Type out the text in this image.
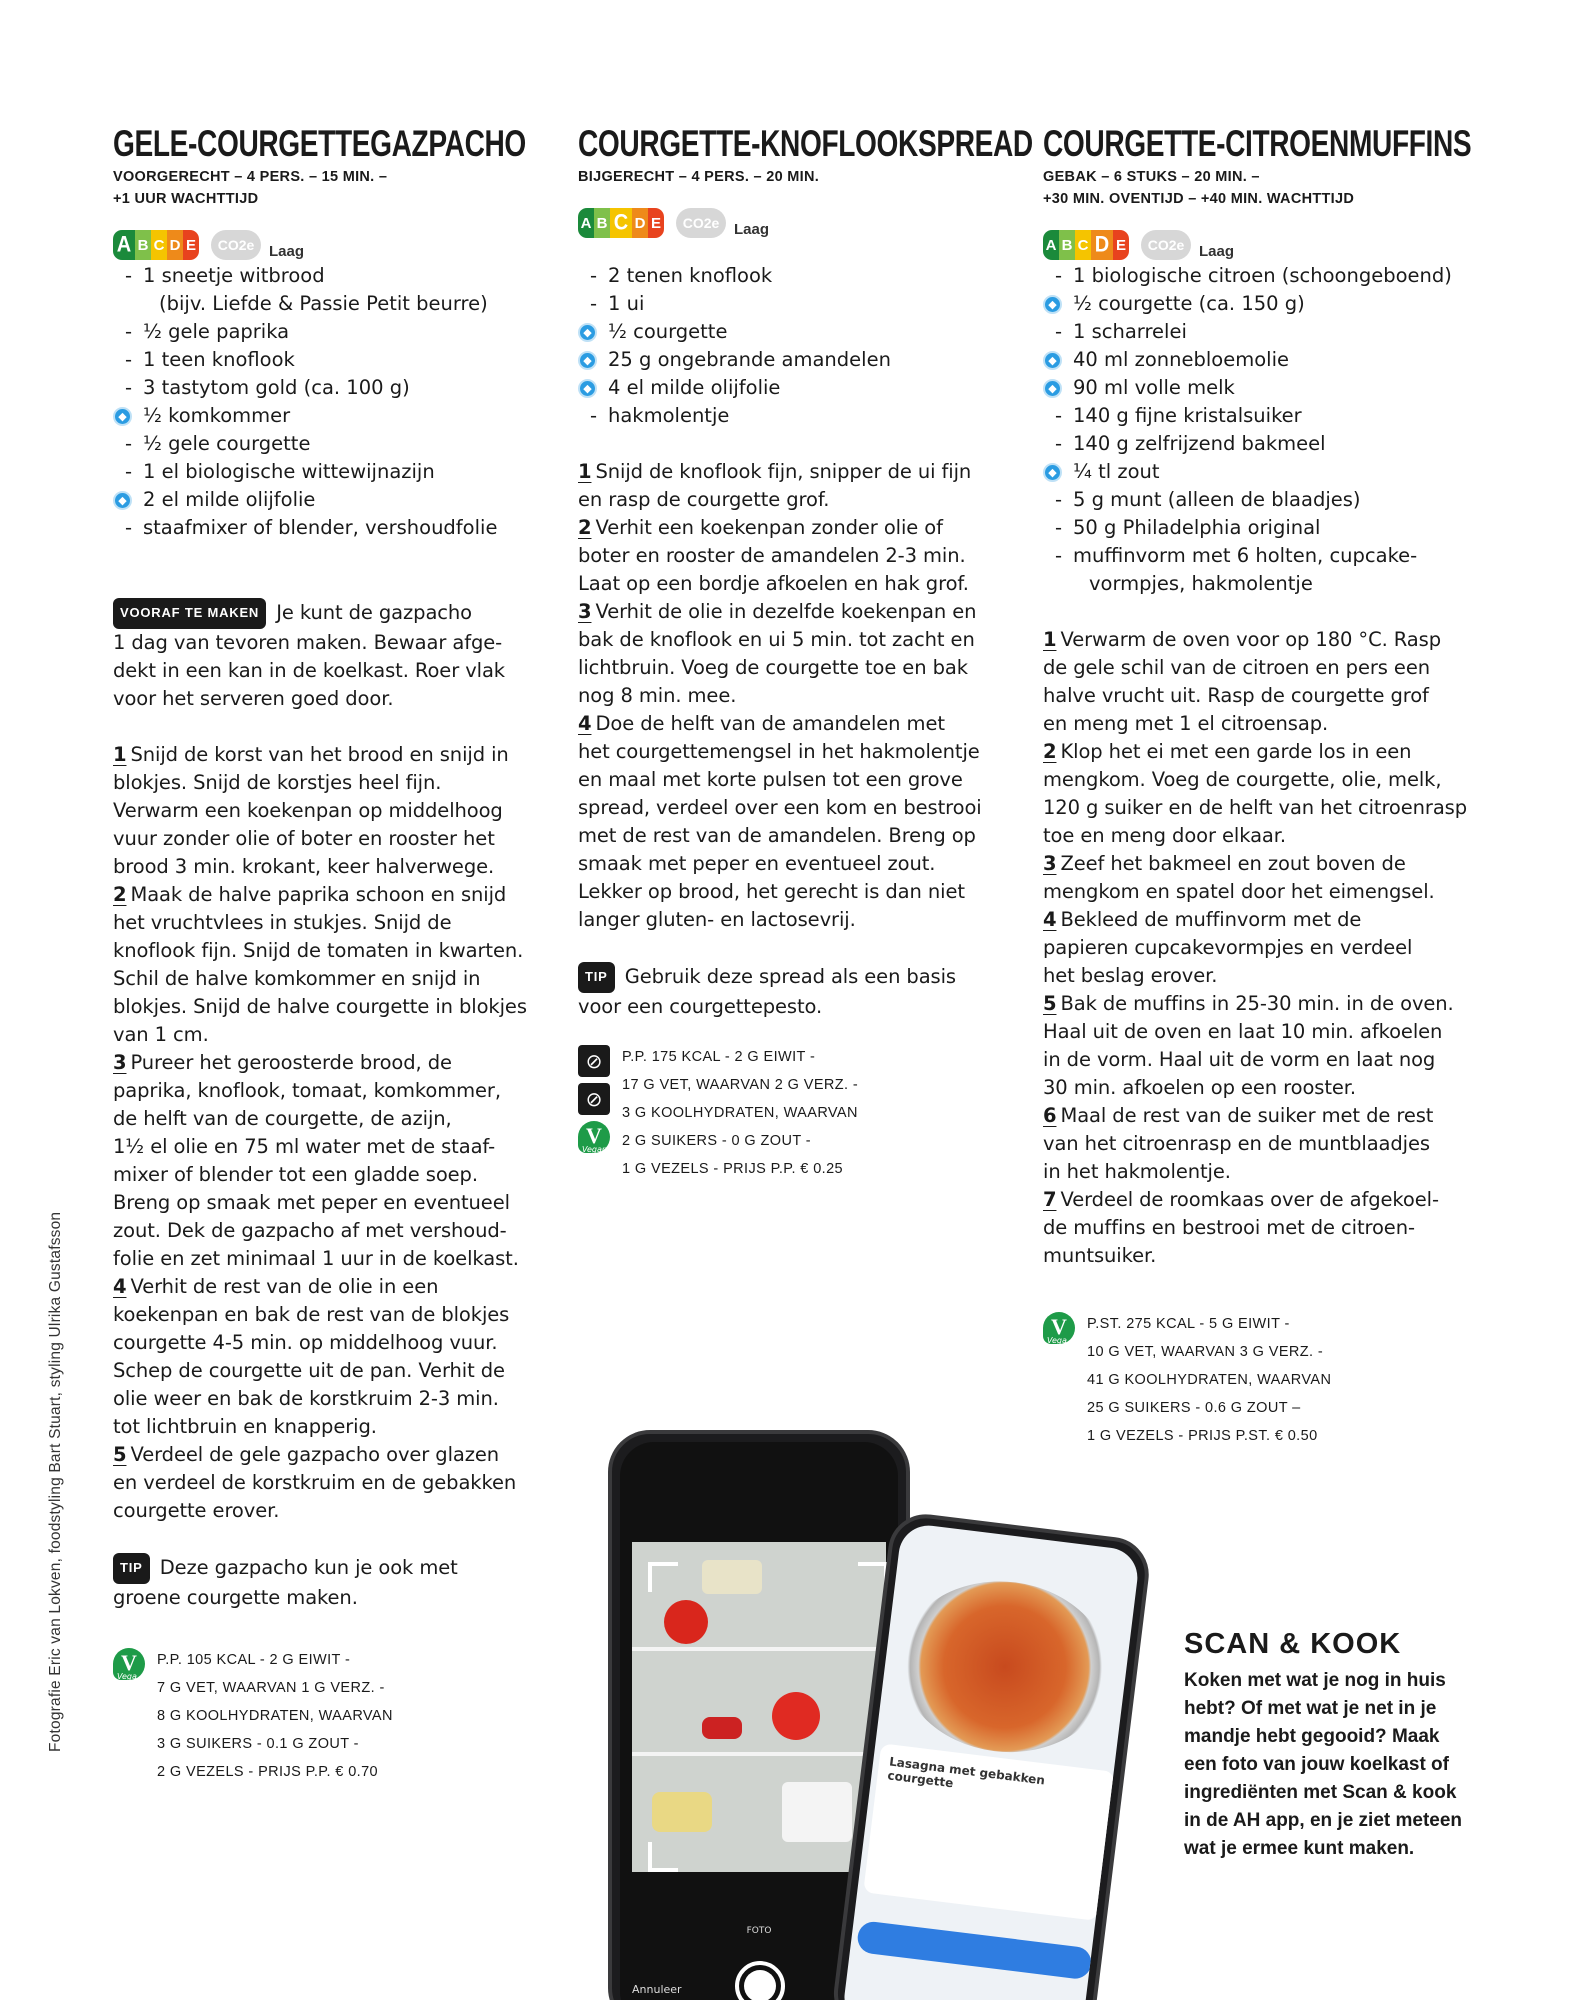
Fotografie Eric van Lokven, foodstyling Bart Stuart, styling Ulrika Gustafsson
GELE-COURGETTEGAZPACHO
VOORGERECHT – 4 PERS. – 15 MIN. –
+1 UUR WACHTTIJD
A B C D E	CO2e Laag
- 1 sneetje witbrood
(bijv. Liefde & Passie Petit beurre)
- ½ gele paprika
- 1 teen knoflook
- 3 tastytom gold (ca. 100 g)
◆ ½ komkommer
- ½ gele courgette
- 1 el biologische wittewijnazijn
◆ 2 el milde olijfolie
- staafmixer of blender, vershoudfolie
VOORAF TE MAKEN Je kunt de gazpacho
1 dag van tevoren maken. Bewaar afge-
dekt in een kan in de koelkast. Roer vlak
voor het serveren goed door.
1 Snijd de korst van het brood en snijd in
blokjes. Snijd de korstjes heel fijn.
Verwarm een koekenpan op middelhoog
vuur zonder olie of boter en rooster het
brood 3 min. krokant, keer halverwege.
2 Maak de halve paprika schoon en snijd
het vruchtvlees in stukjes. Snijd de
knoflook fijn. Snijd de tomaten in kwarten.
Schil de halve komkommer en snijd in
blokjes. Snijd de halve courgette in blokjes
van 1 cm.
3 Pureer het geroosterde brood, de
paprika, knoflook, tomaat, komkommer,
de helft van de courgette, de azijn,
1½ el olie en 75 ml water met de staaf-
mixer of blender tot een gladde soep.
Breng op smaak met peper en eventueel
zout. Dek de gazpacho af met vershoud-
folie en zet minimaal 1 uur in de koelkast.
4 Verhit de rest van de olie in een
koekenpan en bak de rest van de blokjes
courgette 4-5 min. op middelhoog vuur.
Schep de courgette uit de pan. Verhit de
olie weer en bak de korstkruim 2-3 min.
tot lichtbruin en knapperig.
5 Verdeel de gele gazpacho over glazen
en verdeel de korstkruim en de gebakken
courgette erover.
TIP Deze gazpacho kun je ook met
groene courgette maken.
V
Vega
P.P. 105 KCAL - 2 G EIWIT -
7 G VET, WAARVAN 1 G VERZ. -
8 G KOOLHYDRATEN, WAARVAN
3 G SUIKERS - 0.1 G ZOUT -
2 G VEZELS - PRIJS P.P. € 0.70
COURGETTE-KNOFLOOKSPREAD
BIJGERECHT – 4 PERS. – 20 MIN.
A B C D E	CO2e Laag
- 2 tenen knoflook
- 1 ui
◆ ½ courgette
◆ 25 g ongebrande amandelen
◆ 4 el milde olijfolie
- hakmolentje
1 Snijd de knoflook fijn, snipper de ui fijn
en rasp de courgette grof.
2 Verhit een koekenpan zonder olie of
boter en rooster de amandelen 2-3 min.
Laat op een bordje afkoelen en hak grof.
3 Verhit de olie in dezelfde koekenpan en
bak de knoflook en ui 5 min. tot zacht en
lichtbruin. Voeg de courgette toe en bak
nog 8 min. mee.
4 Doe de helft van de amandelen met
het courgettemengsel in het hakmolentje
en maal met korte pulsen tot een grove
spread, verdeel over een kom en bestrooi
met de rest van de amandelen. Breng op
smaak met peper en eventueel zout.
Lekker op brood, het gerecht is dan niet
langer gluten- en lactosevrij.
TIP Gebruik deze spread als een basis
voor een courgettepesto.
⊘
⊘
V
Vegan
P.P. 175 KCAL - 2 G EIWIT -
17 G VET, WAARVAN 2 G VERZ. -
3 G KOOLHYDRATEN, WAARVAN
2 G SUIKERS - 0 G ZOUT -
1 G VEZELS - PRIJS P.P. € 0.25
COURGETTE-CITROENMUFFINS
GEBAK – 6 STUKS – 20 MIN. –
+30 MIN. OVENTIJD – +40 MIN. WACHTTIJD
A B C D E	CO2e Laag
- 1 biologische citroen (schoongeboend)
◆ ½ courgette (ca. 150 g)
- 1 scharrelei
◆ 40 ml zonnebloemolie
◆ 90 ml volle melk
- 140 g fijne kristalsuiker
- 140 g zelfrijzend bakmeel
◆ ¼ tl zout
- 5 g munt (alleen de blaadjes)
- 50 g Philadelphia original
- muffinvorm met 6 holten, cupcake-
vormpjes, hakmolentje
1 Verwarm de oven voor op 180 °C. Rasp
de gele schil van de citroen en pers een
halve vrucht uit. Rasp de courgette grof
en meng met 1 el citroensap.
2 Klop het ei met een garde los in een
mengkom. Voeg de courgette, olie, melk,
120 g suiker en de helft van het citroenrasp
toe en meng door elkaar.
3 Zeef het bakmeel en zout boven de
mengkom en spatel door het eimengsel.
4 Bekleed de muffinvorm met de
papieren cupcakevormpjes en verdeel
het beslag erover.
5 Bak de muffins in 25-30 min. in de oven.
Haal uit de oven en laat 10 min. afkoelen
in de vorm. Haal uit de vorm en laat nog
30 min. afkoelen op een rooster.
6 Maal de rest van de suiker met de rest
van het citroenrasp en de muntblaadjes
in het hakmolentje.
7 Verdeel de roomkaas over de afgekoel-
de muffins en bestrooi met de citroen-
muntsuiker.
V
Vega
P.ST. 275 KCAL - 5 G EIWIT -
10 G VET, WAARVAN 3 G VERZ. -
41 G KOOLHYDRATEN, WAARVAN
25 G SUIKERS - 0.6 G ZOUT –
1 G VEZELS - PRIJS P.ST. € 0.50
FOTO
Annuleer
Lasagna met gebakken courgette
SCAN & KOOK

Koken met wat je nog in huis
hebt? Of met wat je net in je
mandje hebt gegooid? Maak
een foto van jouw koelkast of
ingrediënten met Scan & kook
in de AH app, en je ziet meteen
wat je ermee kunt maken.
